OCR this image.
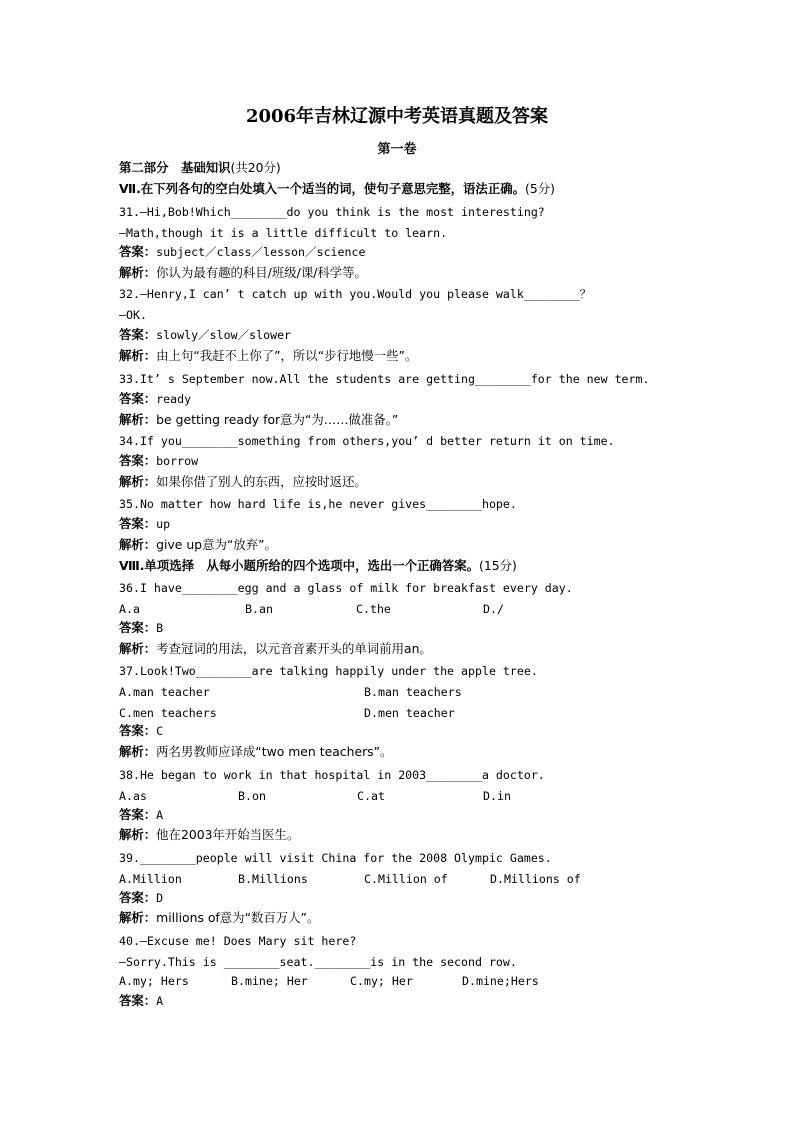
2006年吉林辽源中考英语真题及答案
第一卷
第二部分　 基础知识(共20分)
Ⅶ.在下列各句的空白处填入一个适当的词，使句子意思完整，语法正确。(5分)
31.—Hi,Bob!Which________do you think is the most interesting?
—Math,though it is a little difficult to learn.
答案：subject／class／lesson／science
解析：你认为最有趣的科目/班级/课/科学等。
32.—Henry,I can’ t catch up with you.Would you please walk________？
—OK.
答案：slowly／slow／slower
解析：由上句“我赶不上你了”，所以“步行地慢一些”。
33.It’ s September now.All the students are getting________for the new term.
答案：ready
解析：be getting ready for意为“为……做准备。”
34.If you________something from others,you’ d better return it on time.
答案：borrow
解析：如果你借了别人的东西，应按时返还。
35.No matter how hard life is,he never gives________hope.
答案：up
解析：give up意为“放弃”。
Ⅷ.单项选择　从每小题所给的四个选项中，选出一个正确答案。(15分)
36.I have________egg and a glass of milk for breakfast every day.

A.a

	B.an

	C.the

	D./

答案：B
解析：考查冠词的用法，以元音音素开头的单词前用an。
37.Look!Two________are talking happily under the apple tree.

A.man teacher

	B.man teachers

C.men teachers

	D.men teacher

答案：C
解析：两名男教师应译成“two men teachers”。
38.He began to work in that hospital in 2003________a doctor.

A.as

	B.on

	C.at

	D.in

答案：A
解析：他在2003年开始当医生。
39.________people will visit China for the 2008 Olympic Games.

A.Million

	B.Millions

	C.Million of

	D.Millions of

答案：D
解析：millions of意为“数百万人”。
40.—Excuse me! Does Mary sit here?
—Sorry.This is ________seat.________is in the second row.

A.my; Hers

	B.mine; Her

	C.my; Her

	D.mine;Hers

答案：A
